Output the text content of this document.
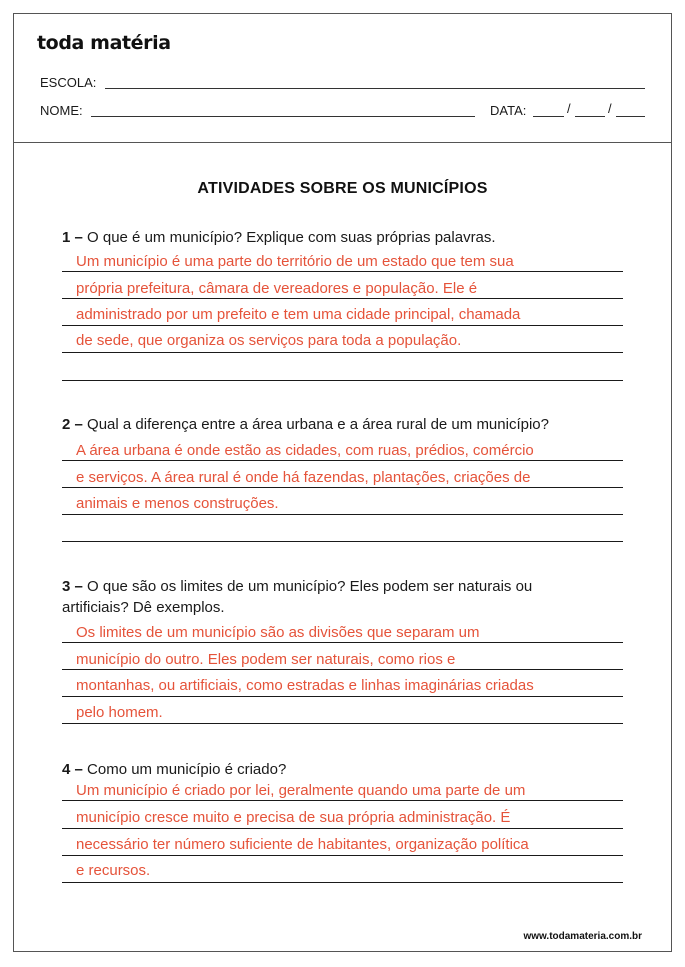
toda matéria
ESCOLA:
NOME:	DATA:	/	/
ATIVIDADES SOBRE OS MUNICÍPIOS
1 – O que é um município? Explique com suas próprias palavras.
Um município é uma parte do território de um estado que tem sua
própria prefeitura, câmara de vereadores e população. Ele é
administrado por um prefeito e tem uma cidade principal, chamada
de sede, que organiza os serviços para toda a população.
2 – Qual a diferença entre a área urbana e a área rural de um município?
A área urbana é onde estão as cidades, com ruas, prédios, comércio
e serviços. A área rural é onde há fazendas, plantações, criações de
animais e menos construções.
3 – O que são os limites de um município? Eles podem ser naturais ou artificiais? Dê exemplos.
Os limites de um município são as divisões que separam um
município do outro. Eles podem ser naturais, como rios e
montanhas, ou artificiais, como estradas e linhas imaginárias criadas
pelo homem.
4 – Como um município é criado?
Um município é criado por lei, geralmente quando uma parte de um
município cresce muito e precisa de sua própria administração. É
necessário ter número suficiente de habitantes, organização política
e recursos.
www.todamateria.com.br
